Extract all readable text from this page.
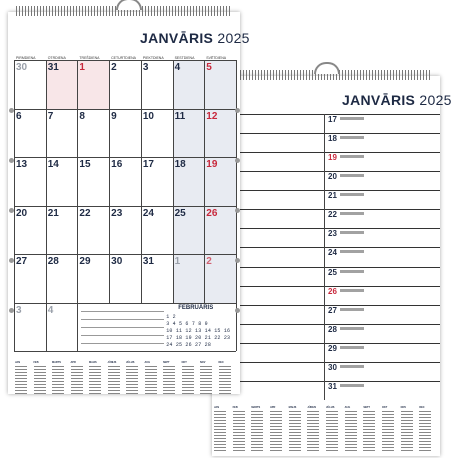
JANVĀRIS 2025
17
18
19
20
21
22
23
24
25
26
27
28
29
30
31
JAN	FEB	MARTS	APR	MAIJS	JŪNIJS	JŪLIJS	AUG	SEPT	OKT	NOV	DEC
JANVĀRIS 2025
PIRMDIENA	OTRDIENA	TREŠDIENA	CETURTDIENA PIEKTDIENA	SESTDIENA	SVĒTDIENA
30 31 1	2	3	4	5
6	7	8	9	10 11 12
13 14 15 16 17 18 19
20 21 22 23 24 25 26
27 28 29 30 31 1	2
3	4	FEBRUĀRIS
1 2
3 4 5 6 7 8 9
10 11 12 13 14 15 16
17 18 19 20 21 22 23
24 25 26 27 28
JAN	FEB	MARTS	APR	MAIJS	JŪNIJS	JŪLIJS	AUG	SEPT	OKT	NOV	DEC
